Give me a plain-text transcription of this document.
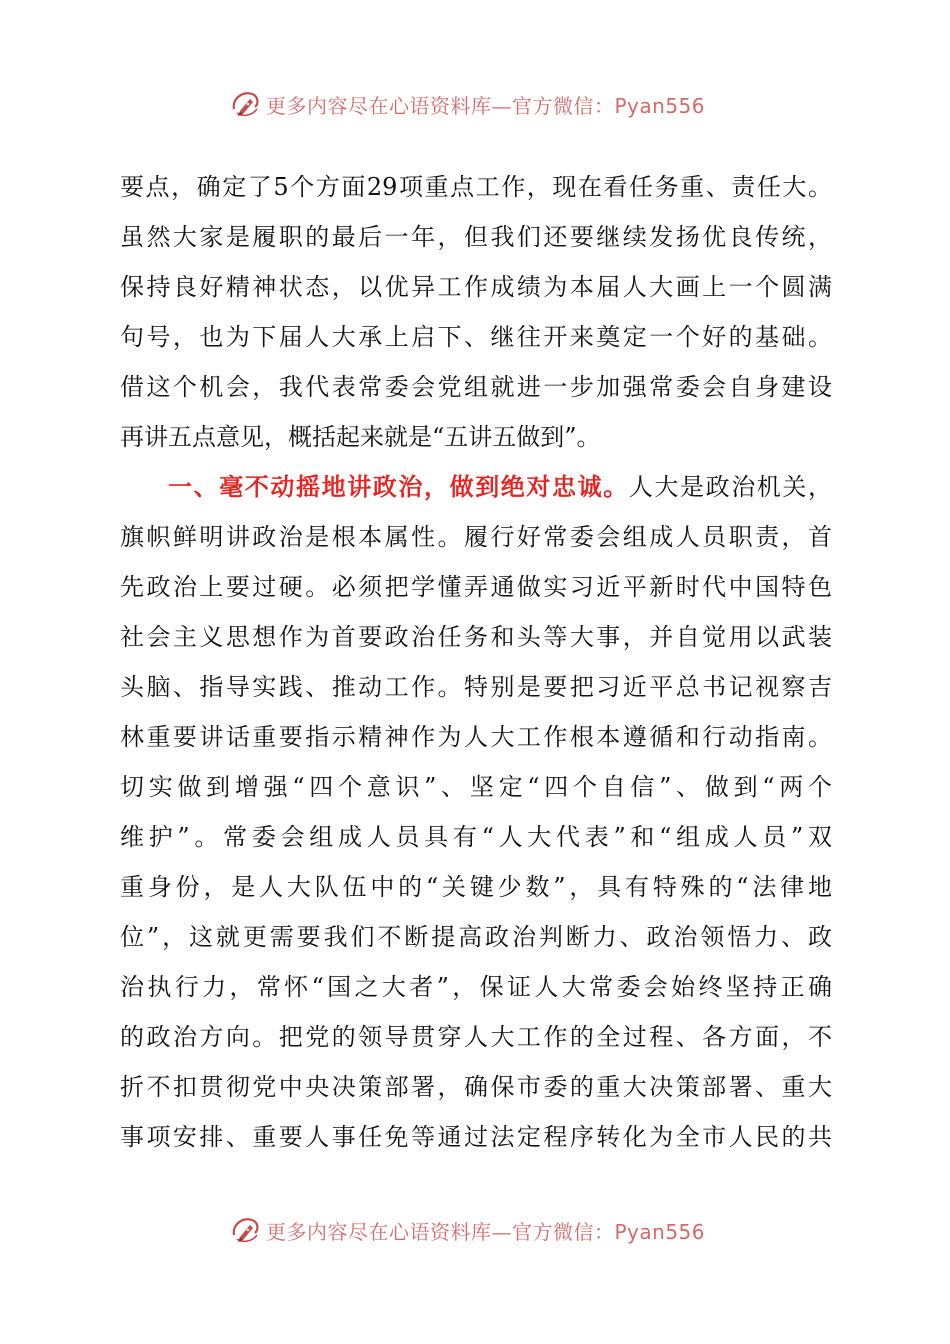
更多内容尽在心语资料库—官方微信：Pyan556
要点，确定了5个方面29项重点工作，现在看任务重、责任大。
虽然大家是履职的最后一年，但我们还要继续发扬优良传统，
保持良好精神状态，以优异工作成绩为本届人大画上一个圆满
句号，也为下届人大承上启下、继往开来奠定一个好的基础。
借这个机会，我代表常委会党组就进一步加强常委会自身建设
再讲五点意见，概括起来就是“五讲五做到”。
一、毫不动摇地讲政治，做到绝对忠诚。人大是政治机关，
旗帜鲜明讲政治是根本属性。履行好常委会组成人员职责，首
先政治上要过硬。必须把学懂弄通做实习近平新时代中国特色
社会主义思想作为首要政治任务和头等大事，并自觉用以武装
头脑、指导实践、推动工作。特别是要把习近平总书记视察吉
林重要讲话重要指示精神作为人大工作根本遵循和行动指南。
切实做到增强“四个意识”、坚定“四个自信”、做到“两个
维护”。常委会组成人员具有“人大代表”和“组成人员”双
重身份，是人大队伍中的“关键少数”，具有特殊的“法律地
位”，这就更需要我们不断提高政治判断力、政治领悟力、政
治执行力，常怀“国之大者”，保证人大常委会始终坚持正确
的政治方向。把党的领导贯穿人大工作的全过程、各方面，不
折不扣贯彻党中央决策部署，确保市委的重大决策部署、重大
事项安排、重要人事任免等通过法定程序转化为全市人民的共
更多内容尽在心语资料库—官方微信：Pyan556
